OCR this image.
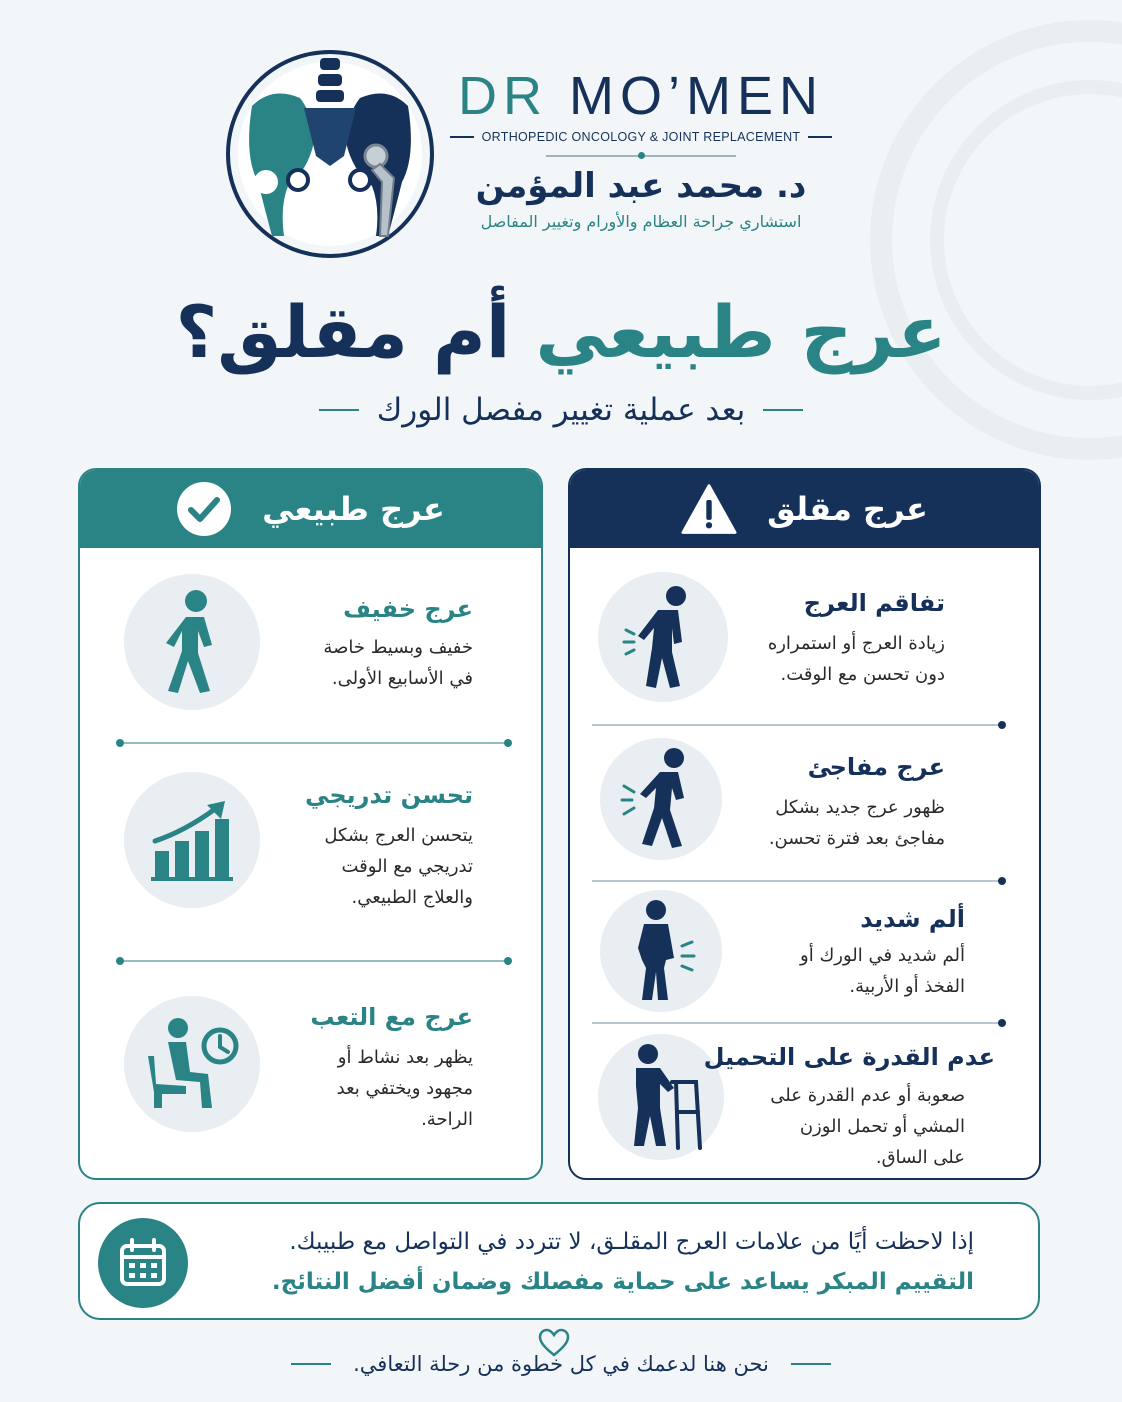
DR MO’MEN
ORTHOPEDIC ONCOLOGY & JOINT REPLACEMENT
د. محمد عبد المؤمن
استشاري جراحة العظام والأورام وتغيير المفاصل
عرج طبيعي أم مقلق؟
بعد عملية تغيير مفصل الورك
عرج طبيعي
عرج خفيف
خفيف وبسيط خاصة
في الأسابيع الأولى.
تحسن تدريجي
يتحسن العرج بشكل
تدريجي مع الوقت
والعلاج الطبيعي.
عرج مع التعب
يظهر بعد نشاط أو
مجهود ويختفي بعد
الراحة.
عرج مقلق
تفاقم العرج
زيادة العرج أو استمراره
دون تحسن مع الوقت.
عرج مفاجئ
ظهور عرج جديد بشكل
مفاجئ بعد فترة تحسن.
ألم شديد
ألم شديد في الورك أو
الفخذ أو الأربية.
عدم القدرة على التحميل
صعوبة أو عدم القدرة على
المشي أو تحمل الوزن
على الساق.
إذا لاحظت أيًا من علامات العرج المقلـق، لا تتردد في التواصل مع طبيبك.
التقييم المبكر يساعد على حماية مفصلك وضمان أفضل النتائج.
نحن هنا لدعمك في كل خطوة من رحلة التعافي.
